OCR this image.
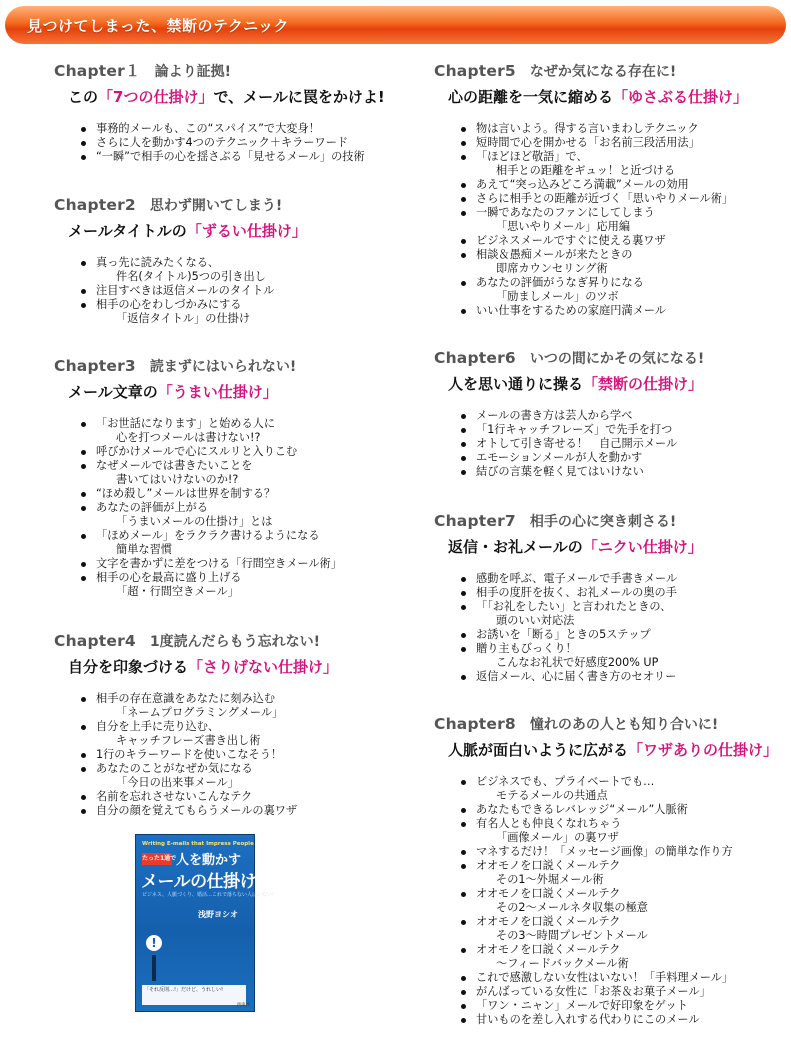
見つけてしまった、禁断のテクニック
Chapter１ 論より証拠!
この「7つの仕掛け」で、メールに罠をかけよ!
事務的メールも、この“スパイス”で大変身！
さらに人を動かす4つのテクニック＋キラーワード
“一瞬”で相手の心を揺さぶる「見せるメール」の技術
Chapter2 思わず開いてしまう!
メールタイトルの「ずるい仕掛け」
真っ先に読みたくなる、
件名(タイトル)5つの引き出し
注目すべきは返信メールのタイトル
相手の心をわしづかみにする
「返信タイトル」の仕掛け
Chapter3 読まずにはいられない!
メール文章の「うまい仕掛け」
「お世話になります」と始める人に
心を打つメールは書けない!?
呼びかけメールで心にスルリと入りこむ
なぜメールでは書きたいことを
書いてはいけないのか!?
“ほめ殺し”メールは世界を制する？
あなたの評価が上がる
「うまいメールの仕掛け」とは
「ほめメール」をラクラク書けるようになる
簡単な習慣
文字を書かずに差をつける「行間空きメール術」
相手の心を最高に盛り上げる
「超・行間空きメール」
Chapter4 1度読んだらもう忘れない!
自分を印象づける「さりげない仕掛け」
相手の存在意識をあなたに刻み込む
「ネームプログラミングメール」
自分を上手に売り込む、
キャッチフレーズ書き出し術
1行のキラーワードを使いこなそう！
あなたのことがなぜか気になる
「今日の出来事メール」
名前を忘れさせないこんなテク
自分の顔を覚えてもらうメールの裏ワザ
Chapter5 なぜか気になる存在に!
心の距離を一気に縮める「ゆさぶる仕掛け」
物は言いよう。得する言いまわしテクニック
短時間で心を開かせる「お名前三段活用法」
「ほどほど敬語」で、
相手との距離をギュッ！と近づける
あえて“突っ込みどころ満載”メールの効用
さらに相手との距離が近づく「思いやりメール術」
一瞬であなたのファンにしてしまう
「思いやりメール」応用編
ビジネスメールですぐに使える裏ワザ
相談＆愚痴メールが来たときの
即席カウンセリング術
あなたの評価がうなぎ昇りになる
「励ましメール」のツボ
いい仕事をするための家庭円満メール
Chapter6 いつの間にかその気になる!
人を思い通りに操る「禁断の仕掛け」
メールの書き方は芸人から学べ
「1行キャッチフレーズ」で先手を打つ
オトして引き寄せる！　自己開示メール
エモーションメールが人を動かす
結びの言葉を軽く見てはいけない
Chapter7 相手の心に突き刺さる!
返信・お礼メールの「ニクい仕掛け」
感動を呼ぶ、電子メールで手書きメール
相手の度肝を抜く、お礼メールの奥の手
「「お礼をしたい」と言われたときの、
頭のいい対応法
お誘いを「断る」ときの5ステップ
贈り主もびっくり！
こんなお礼状で好感度200% UP
返信メール、心に届く書き方のセオリー
Chapter8 憧れのあの人とも知り合いに!
人脈が面白いように広がる「ワザありの仕掛け」
ビジネスでも、プライベートでも…
モテるメールの共通点
あなたもできるレバレッジ“メール”人脈術
有名人とも仲良くなれちゃう
「画像メール」の裏ワザ
マネするだけ！「メッセージ画像」の簡単な作り方
オオモノを口説くメールテク
その1～外堀メール術
オオモノを口説くメールテク
その2～メールネタ収集の極意
オオモノを口説くメールテク
その3～時間プレゼントメール
オオモノを口説くメールテク
～フィードバックメール術
これで感激しない女性はいない！「手料理メール」
がんばっている女性に「お茶＆お菓子メール」
「ワン・ニャン」メールで好印象をゲット
甘いものを差し入れする代わりにこのメール
Writing E-mails that Impress People
たった1通で 人を動かす
メールの仕掛け
ビジネス、人脈づくり、婚活…これで落ちない人はいない!
浅野ヨシオ
!
「それ反則…!」だけど、うれしい!
西東社
